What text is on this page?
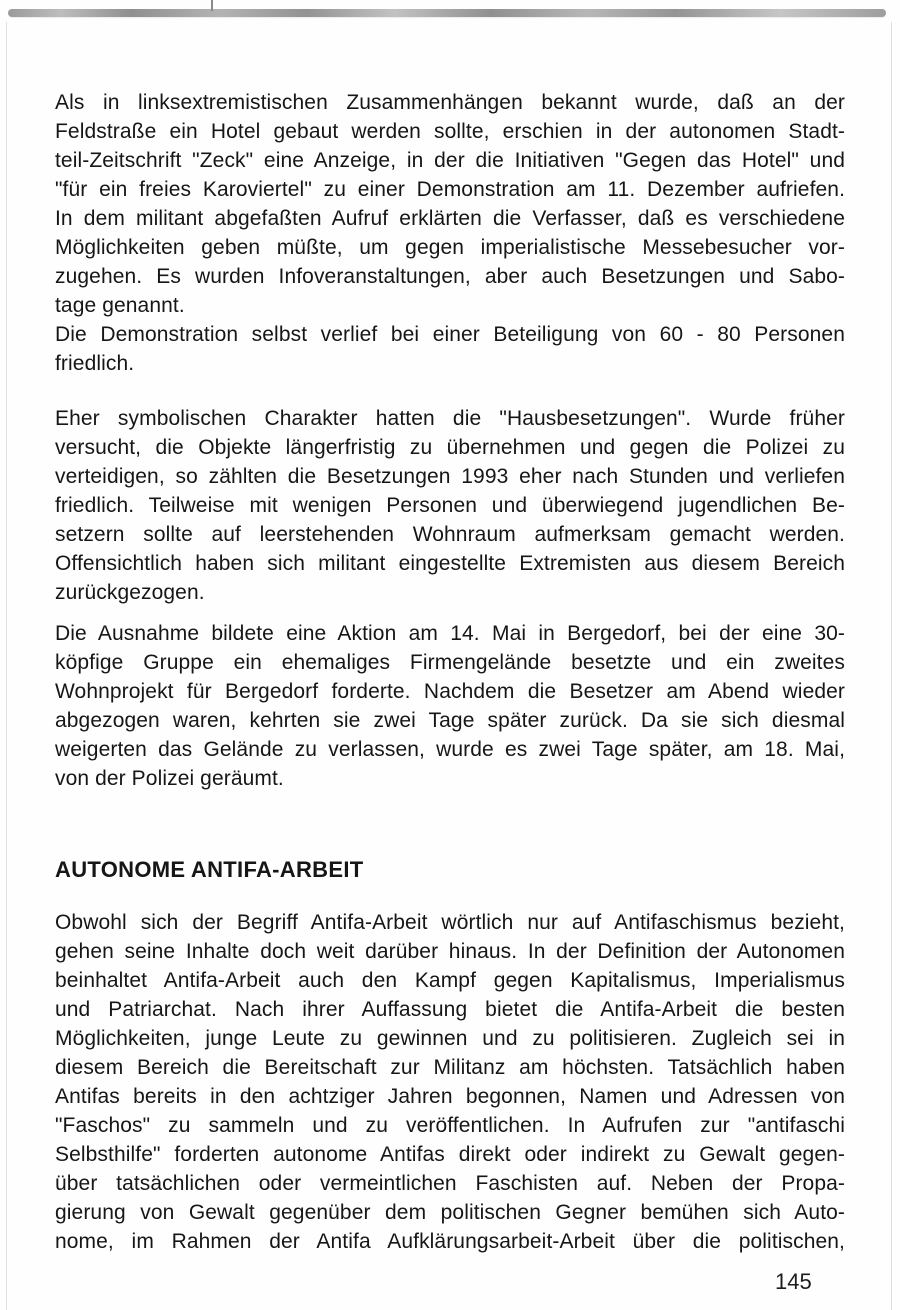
Als in linksextremistischen Zusammenhängen bekannt wurde, daß an der
Feldstraße ein Hotel gebaut werden sollte, erschien in der autonomen Stadt-
teil-Zeitschrift "Zeck" eine Anzeige, in der die Initiativen "Gegen das Hotel" und
"für ein freies Karoviertel" zu einer Demonstration am 11. Dezember aufriefen.
In dem militant abgefaßten Aufruf erklärten die Verfasser, daß es verschiedene
Möglichkeiten geben müßte, um gegen imperialistische Messebesucher vor-
zugehen. Es wurden Infoveranstaltungen, aber auch Besetzungen und Sabo-
tage genannt.
Die Demonstration selbst verlief bei einer Beteiligung von 60 - 80 Personen
friedlich.
Eher symbolischen Charakter hatten die "Hausbesetzungen". Wurde früher
versucht, die Objekte längerfristig zu übernehmen und gegen die Polizei zu
verteidigen, so zählten die Besetzungen 1993 eher nach Stunden und verliefen
friedlich. Teilweise mit wenigen Personen und überwiegend jugendlichen Be-
setzern sollte auf leerstehenden Wohnraum aufmerksam gemacht werden.
Offensichtlich haben sich militant eingestellte Extremisten aus diesem Bereich
zurückgezogen.
Die Ausnahme bildete eine Aktion am 14. Mai in Bergedorf, bei der eine 30-
köpfige Gruppe ein ehemaliges Firmengelände besetzte und ein zweites
Wohnprojekt für Bergedorf forderte. Nachdem die Besetzer am Abend wieder
abgezogen waren, kehrten sie zwei Tage später zurück. Da sie sich diesmal
weigerten das Gelände zu verlassen, wurde es zwei Tage später, am 18. Mai,
von der Polizei geräumt.
AUTONOME ANTIFA-ARBEIT
Obwohl sich der Begriff Antifa-Arbeit wörtlich nur auf Antifaschismus bezieht,
gehen seine Inhalte doch weit darüber hinaus. In der Definition der Autonomen
beinhaltet Antifa-Arbeit auch den Kampf gegen Kapitalismus, Imperialismus
und Patriarchat. Nach ihrer Auffassung bietet die Antifa-Arbeit die besten
Möglichkeiten, junge Leute zu gewinnen und zu politisieren. Zugleich sei in
diesem Bereich die Bereitschaft zur Militanz am höchsten. Tatsächlich haben
Antifas bereits in den achtziger Jahren begonnen, Namen und Adressen von
"Faschos" zu sammeln und zu veröffentlichen. In Aufrufen zur "antifaschi
Selbsthilfe" forderten autonome Antifas direkt oder indirekt zu Gewalt gegen-
über tatsächlichen oder vermeintlichen Faschisten auf. Neben der Propa-
gierung von Gewalt gegenüber dem politischen Gegner bemühen sich Auto-
nome, im Rahmen der Antifa Aufklärungsarbeit-Arbeit über die politischen,
145
